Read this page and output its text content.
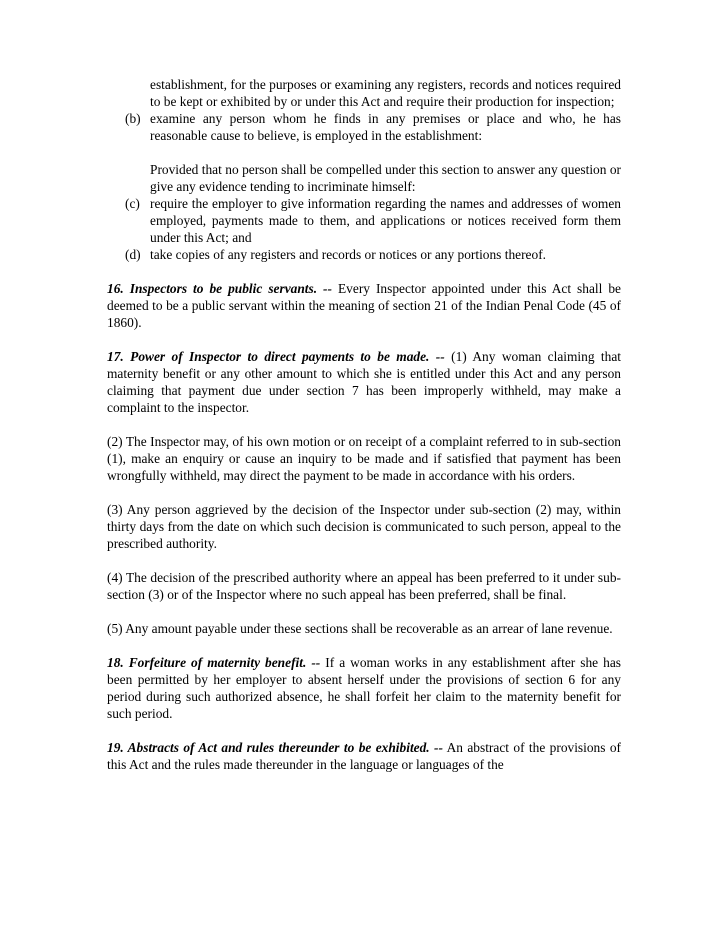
establishment, for the purposes or examining any registers, records and notices required to be kept or exhibited by or under this Act and require their production for inspection;

(b) examine any person whom he finds in any premises or place and who, he has reasonable cause to believe, is employed in the establishment:

Provided that no person shall be compelled under this section to answer any question or give any evidence tending to incriminate himself:

(c) require the employer to give information regarding the names and addresses of women employed, payments made to them, and applications or notices received form them under this Act; and
(d) take copies of any registers and records or notices or any portions thereof.

16. Inspectors to be public servants. -- Every Inspector appointed under this Act shall be deemed to be a public servant within the meaning of section 21 of the Indian Penal Code (45 of 1860).

17. Power of Inspector to direct payments to be made. -- (1) Any woman claiming that maternity benefit or any other amount to which she is entitled under this Act and any person claiming that payment due under section 7 has been improperly withheld, may make a complaint to the inspector.

(2) The Inspector may, of his own motion or on receipt of a complaint referred to in sub-section (1), make an enquiry or cause an inquiry to be made and if satisfied that payment has been wrongfully withheld, may direct the payment to be made in accordance with his orders.

(3) Any person aggrieved by the decision of the Inspector under sub-section (2) may, within thirty days from the date on which such decision is communicated to such person, appeal to the prescribed authority.

(4) The decision of the prescribed authority where an appeal has been preferred to it under sub-section (3) or of the Inspector where no such appeal has been preferred, shall be final.

(5) Any amount payable under these sections shall be recoverable as an arrear of lane revenue.

18. Forfeiture of maternity benefit. -- If a woman works in any establishment after she has been permitted by her employer to absent herself under the provisions of section 6 for any period during such authorized absence, he shall forfeit her claim to the maternity benefit for such period.

19. Abstracts of Act and rules thereunder to be exhibited. -- An abstract of the provisions of this Act and the rules made thereunder in the language or languages of the
